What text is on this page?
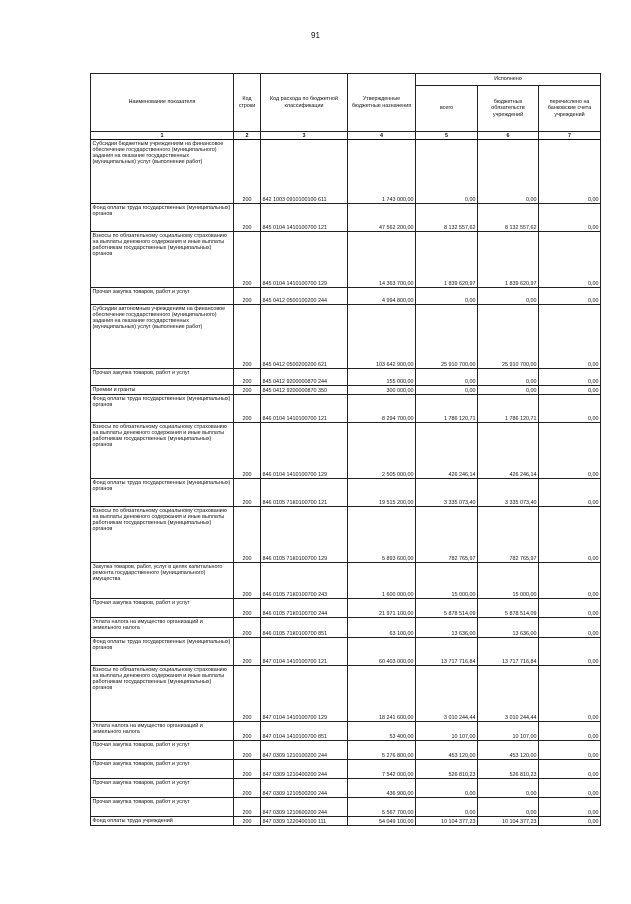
91
Наименование показателя	Код строки	Код расхода по бюджетной классификации	Утвержденные бюджетные назначения	Исполнено		
				всего	бюджетных обязательств учреждений	перечислено на банковские счета учреждений
1	2	3	4	5	6	7
Субсидии бюджетным учреждениям на финансовое обеспечение государственного (муниципального) задания на оказание государственных (муниципальных) услуг (выполнение работ)	200	842 1003 0910100100 611	1 743 000,00	0,00	0,00	0,00
Фонд оплаты труда государственных (муниципальных) органов	200	845 0104 1410100700 121	47 562 200,00	8 132 557,62	8 132 557,62	0,00
Взносы по обязательному социальному страхованию на выплаты денежного содержания и иные выплаты работникам государственных (муниципальных) органов	200	845 0104 1410100700 129	14 363 700,00	1 839 620,97	1 839 620,97	0,00
Прочая закупка товаров, работ и услуг	200	845 0412 0500100200 244	4 994 800,00	0,00	0,00	0,00
Субсидии автономным учреждениям на финансовое обеспечение государственного (муниципального) задания на оказание государственных (муниципальных) услуг (выполнение работ)	200	845 0412 0500200200 621	103 642 900,00	25 910 700,00	25 910 700,00	0,00
Прочая закупка товаров, работ и услуг	200	845 0412 9200000870 244	155 000,00	0,00	0,00	0,00
Премии и гранты	200	845 0412 9200000870 350	300 000,00	0,00	0,00	0,00
Фонд оплаты труда государственных (муниципальных) органов	200	846 0104 1410100700 121	8 294 700,00	1 786 120,71	1 786 120,71	0,00
Взносы по обязательному социальному страхованию на выплаты денежного содержания и иные выплаты работникам государственных (муниципальных) органов	200	846 0104 1410100700 129	2 505 000,00	426 246,14	426 246,14	0,00
Фонд оплаты труда государственных (муниципальных) органов	200	846 0105 71К0100700 121	19 515 200,00	3 335 073,40	3 335 073,40	0,00
Взносы по обязательному социальному страхованию на выплаты денежного содержания и иные выплаты работникам государственных (муниципальных) органов	200	846 0105 71К0100700 129	5 893 600,00	782 765,97	782 765,97	0,00
Закупка товаров, работ, услуг в целях капитального ремонта государственного (муниципального) имущества	200	846 0105 71К0100700 243	1 600 000,00	15 000,00	15 000,00	0,00
Прочая закупка товаров, работ и услуг	200	846 0105 71К0100700 244	21 971 100,00	5 878 514,09	5 878 514,09	0,00
Уплата налога на имущество организаций и земельного налога	200	846 0105 71К0100700 851	63 100,00	13 636,00	13 636,00	0,00
Фонд оплаты труда государственных (муниципальных) органов	200	847 0104 1410100700 121	60 403 000,00	13 717 716,84	13 717 716,84	0,00
Взносы по обязательному социальному страхованию на выплаты денежного содержания и иные выплаты работникам государственных (муниципальных) органов	200	847 0104 1410100700 129	18 241 600,00	3 010 244,44	3 010 244,44	0,00
Уплата налога на имущество организаций и земельного налога	200	847 0104 1410100700 851	53 400,00	10 107,00	10 107,00	0,00
Прочая закупка товаров, работ и услуг	200	847 0309 1210100200 244	5 276 800,00	453 120,00	453 120,00	0,00
Прочая закупка товаров, работ и услуг	200	847 0309 1210400200 244	7 542 000,00	526 810,23	526 810,23	0,00
Прочая закупка товаров, работ и услуг	200	847 0309 1210500200 244	436 900,00	0,00	0,00	0,00
Прочая закупка товаров, работ и услуг	200	847 0309 1210600200 244	5 567 700,00	0,00	0,00	0,00
Фонд оплаты труда учреждений	200	847 0309 1220400100 111	54 049 100,00	10 104 377,23	10 104 377,23	0,00
